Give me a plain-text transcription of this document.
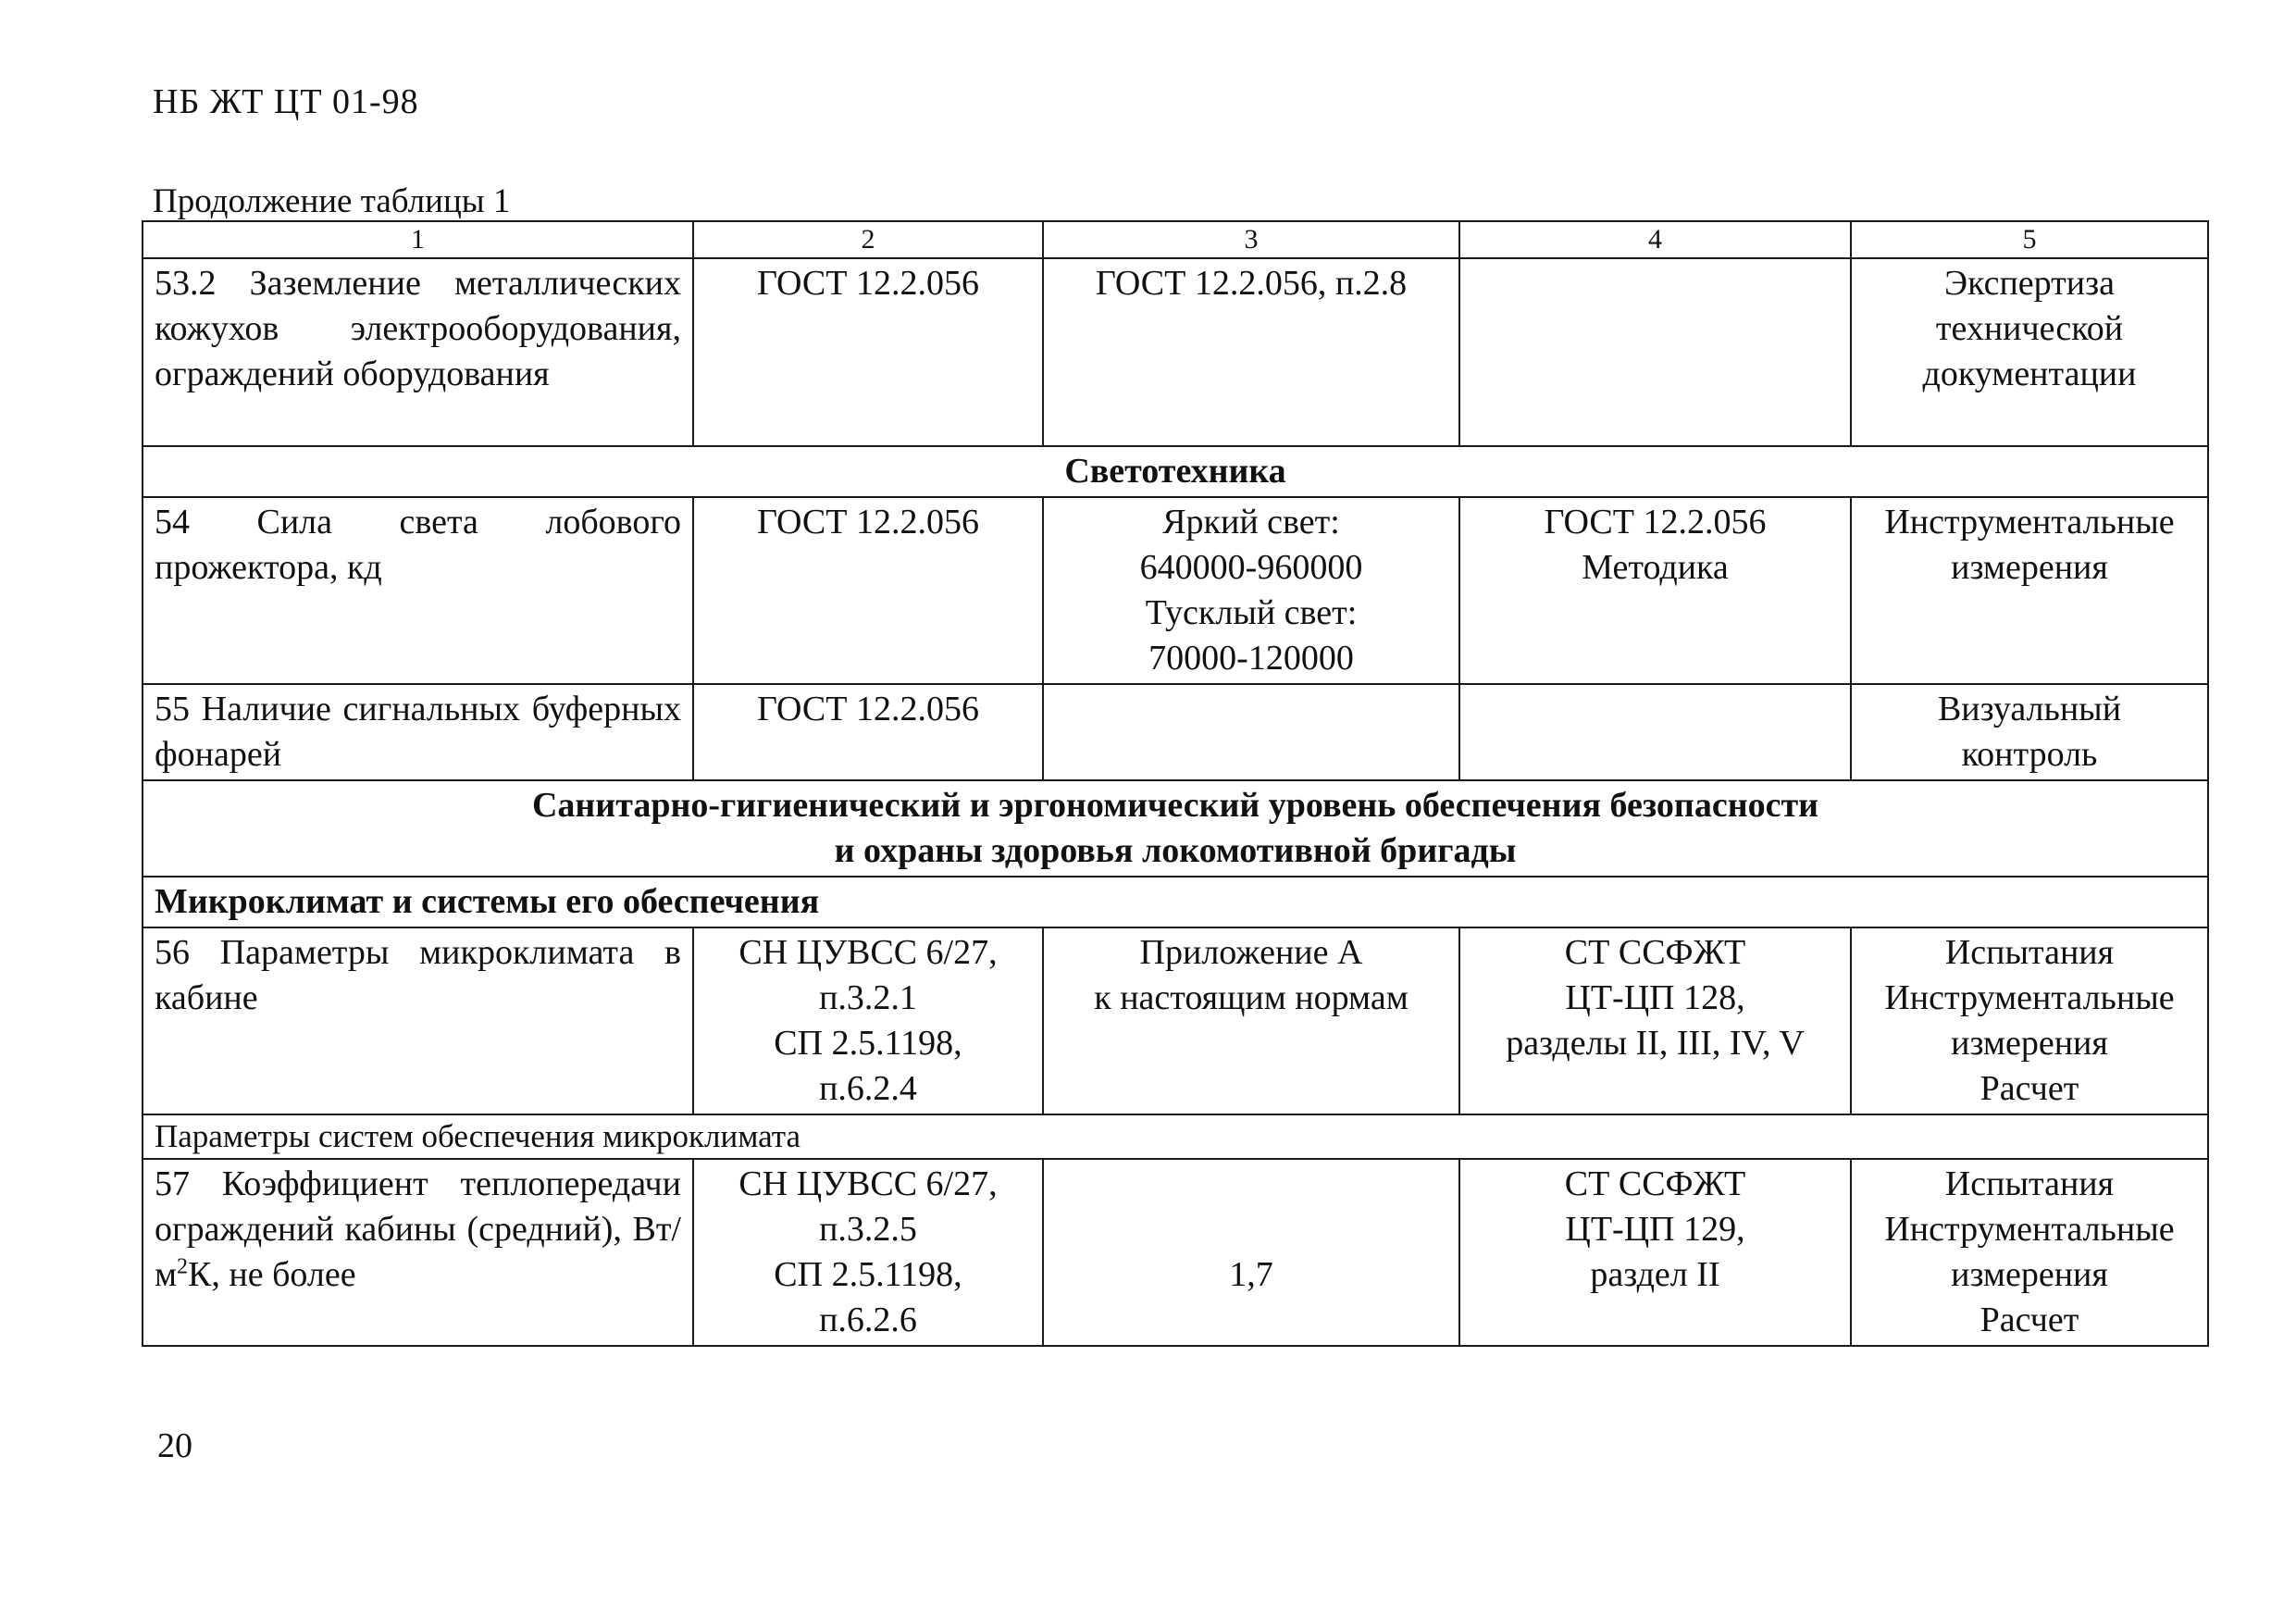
НБ ЖТ ЦТ 01-98
Продолжение таблицы 1
1	2	3	4	5
53.2 Заземление металлических кожухов электрооборудования, ограждений оборудования	ГОСТ 12.2.056	ГОСТ 12.2.056, п.2.8		Экспертиза
технической
документации

Светотехника				
54 Сила света лобового прожектора, кд	ГОСТ 12.2.056	Яркий свет:
640000-960000
Тусклый свет:
70000-120000	ГОСТ 12.2.056
Методика	Инструментальные
измерения

55 Наличие сигнальных буферных фонарей	ГОСТ 12.2.056			Визуальный
контроль

Санитарно-гигиенический и эргономический уровень обеспечения безопасности
и охраны здоровья локомотивной бригады				

Микроклимат и системы его обеспечения				
56 Параметры микроклимата в кабине	СН ЦУВСС 6/27,
п.3.2.1
СП 2.5.1198,
п.6.2.4	Приложение А
к настоящим нормам	СТ ССФЖТ
ЦТ-ЦП 128,
разделы II, III, IV, V	Испытания
Инструментальные
измерения
Расчет

Параметры систем обеспечения микроклимата				
57 Коэффициент теплопередачи ограждений кабины (средний), $Вт/м^2К$, не более	СН ЦУВСС 6/27,
п.3.2.5
СП 2.5.1198,
п.6.2.6	1,7	СТ ССФЖТ
ЦТ-ЦП 129,
раздел II	Испытания
Инструментальные
измерения
Расчет
20
